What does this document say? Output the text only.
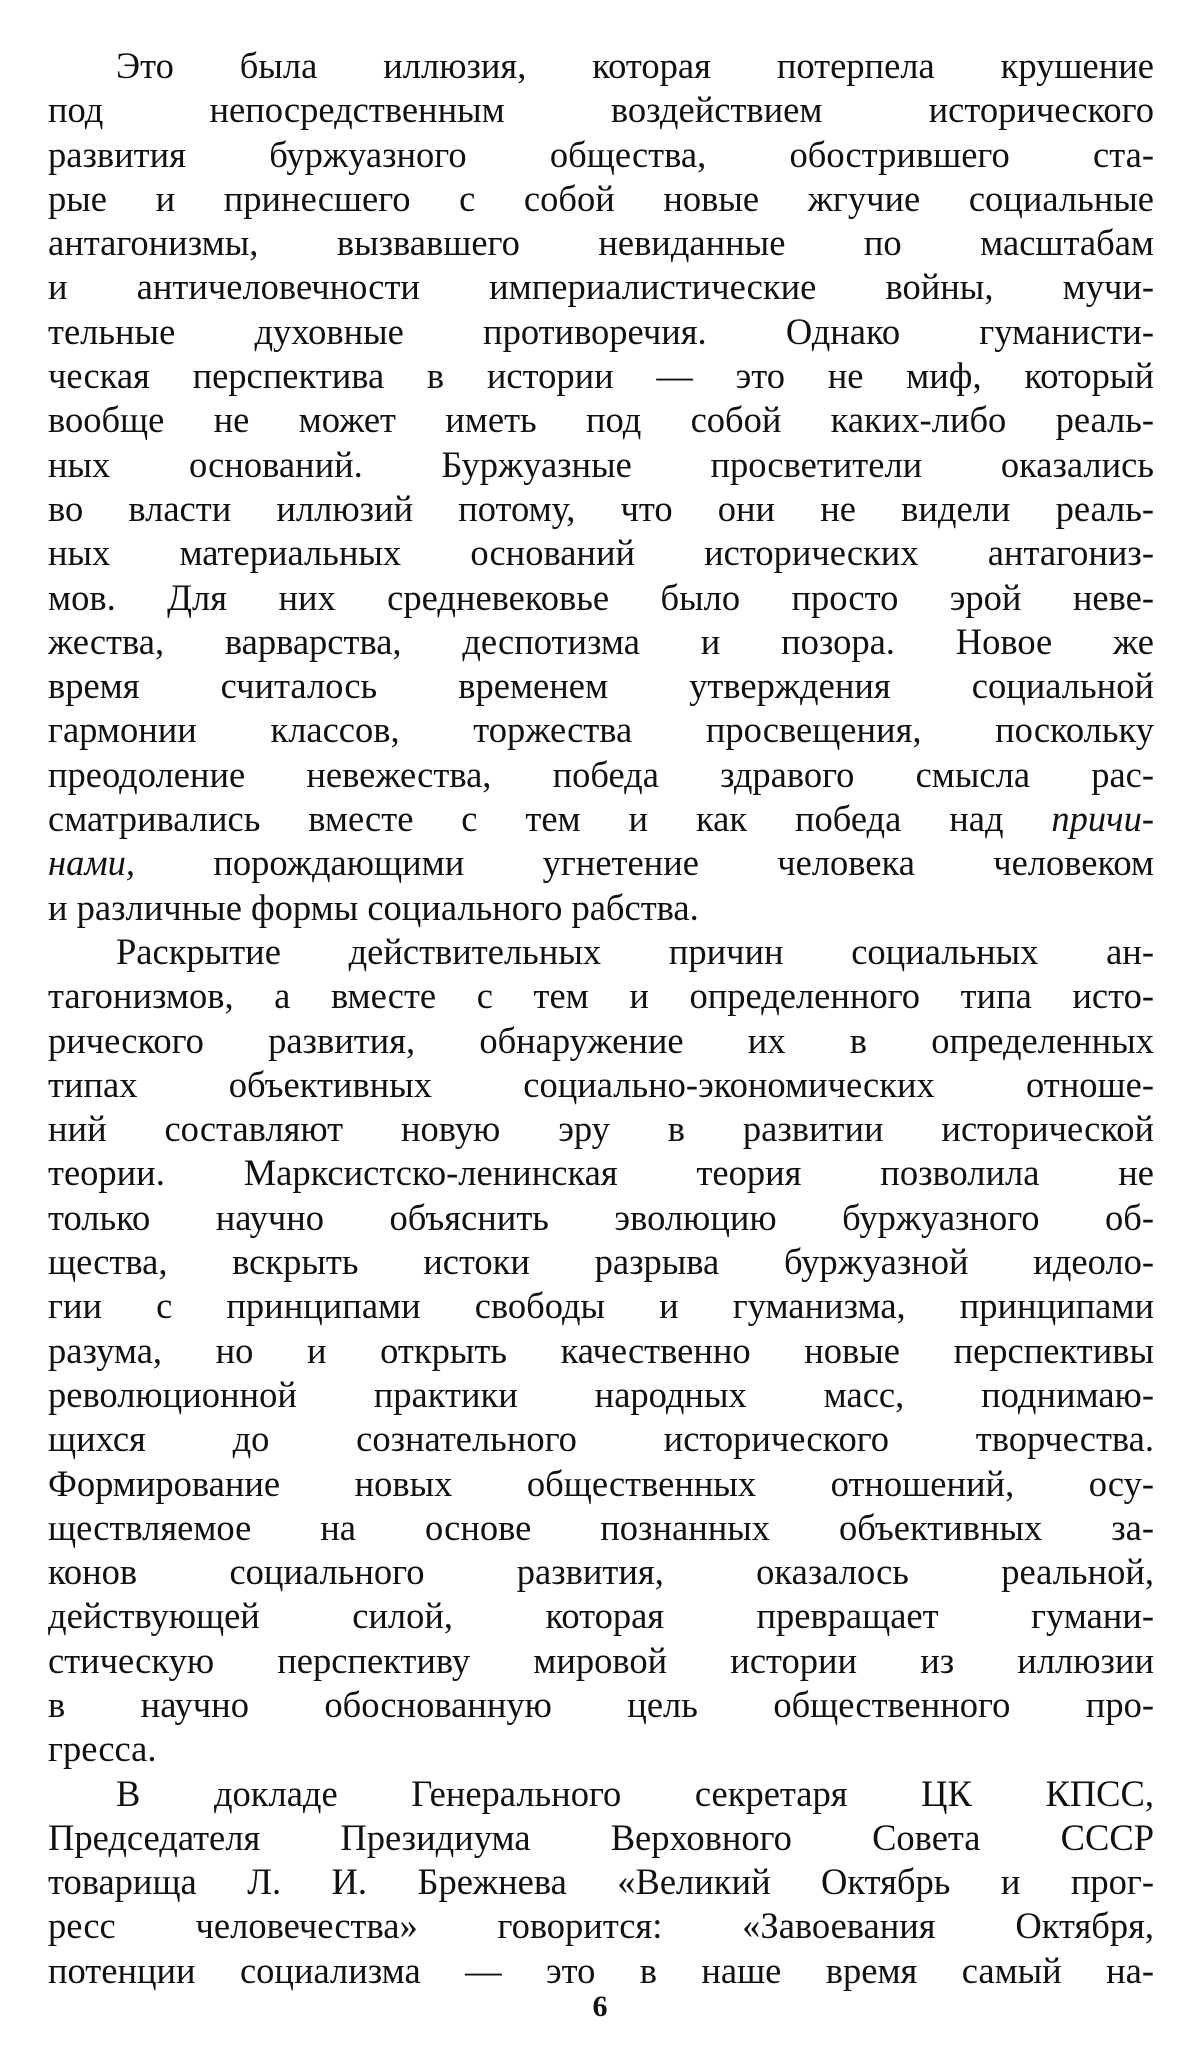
Это была иллюзия, которая потерпела крушение
под непосредственным воздействием исторического
развития буржуазного общества, обострившего ста-
рые и принесшего с собой новые жгучие социальные
антагонизмы, вызвавшего невиданные по масштабам
и античеловечности империалистические войны, мучи-
тельные духовные противоречия. Однако гуманисти-
ческая перспектива в истории — это не миф, который
вообще не может иметь под собой каких-либо реаль-
ных оснований. Буржуазные просветители оказались
во власти иллюзий потому, что они не видели реаль-
ных материальных оснований исторических антагониз-
мов. Для них средневековье было просто эрой неве-
жества, варварства, деспотизма и позора. Новое же
время считалось временем утверждения социальной
гармонии классов, торжества просвещения, поскольку
преодоление невежества, победа здравого смысла рас-
сматривались вместе с тем и как победа над причи-
нами, порождающими угнетение человека человеком
и различные формы социального рабства.
Раскрытие действительных причин социальных ан-
тагонизмов, а вместе с тем и определенного типа исто-
рического развития, обнаружение их в определенных
типах объективных социально-экономических отноше-
ний составляют новую эру в развитии исторической
теории. Марксистско-ленинская теория позволила не
только научно объяснить эволюцию буржуазного об-
щества, вскрыть истоки разрыва буржуазной идеоло-
гии с принципами свободы и гуманизма, принципами
разума, но и открыть качественно новые перспективы
революционной практики народных масс, поднимаю-
щихся до сознательного исторического творчества.
Формирование новых общественных отношений, осу-
ществляемое на основе познанных объективных за-
конов социального развития, оказалось реальной,
действующей силой, которая превращает гумани-
стическую перспективу мировой истории из иллюзии
в научно обоснованную цель общественного про-
гресса.
В докладе Генерального секретаря ЦК КПСС,
Председателя Президиума Верховного Совета СССР
товарища Л. И. Брежнева «Великий Октябрь и прог-
ресс человечества» говорится: «Завоевания Октября,
потенции социализма — это в наше время самый на-
6
